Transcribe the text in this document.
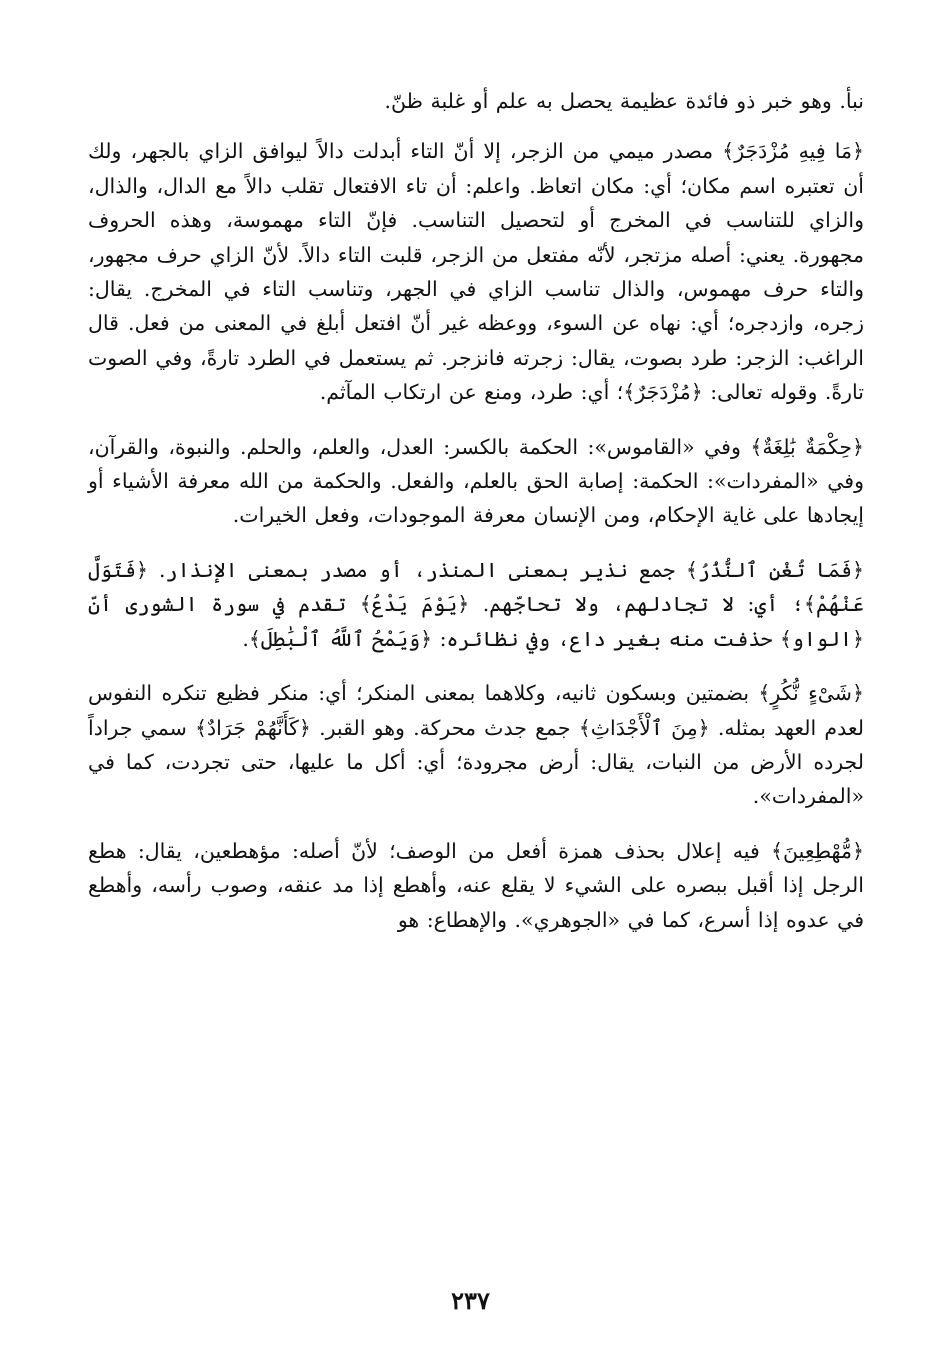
نبأ. وهو خبر ذو فائدة عظيمة يحصل به علم أو غلبة ظنّ.

﴿مَا فِيهِ مُزْدَجَرٌ﴾ مصدر ميمي من الزجر، إلا أنّ التاء أبدلت دالاً ليوافق الزاي بالجهر، ولك أن تعتبره اسم مكان؛ أي: مكان اتعاظ. واعلم: أن تاء الافتعال تقلب دالاً مع الدال، والذال، والزاي للتناسب في المخرج أو لتحصيل التناسب. فإنّ التاء مهموسة، وهذه الحروف مجهورة. يعني: أصله مزتجر، لأنّه مفتعل من الزجر، قلبت التاء دالاً. لأنّ الزاي حرف مجهور، والتاء حرف مهموس، والذال تناسب الزاي في الجهر، وتناسب التاء في المخرج. يقال: زجره، وازدجره؛ أي: نهاه عن السوء، ووعظه غير أنّ افتعل أبلغ في المعنى من فعل. قال الراغب: الزجر: طرد بصوت، يقال: زجرته فانزجر. ثم يستعمل في الطرد تارةً، وفي الصوت تارةً. وقوله تعالى: ﴿مُزْدَجَرٌ﴾؛ أي: طرد، ومنع عن ارتكاب المآثم.

﴿حِكْمَةٌ بَٰلِغَةٌ﴾ وفي «القاموس»: الحكمة بالكسر: العدل، والعلم، والحلم. والنبوة، والقرآن، وفي «المفردات»: الحكمة: إصابة الحق بالعلم، والفعل. والحكمة من الله معرفة الأشياء أو إيجادها على غاية الإحكام، ومن الإنسان معرفة الموجودات، وفعل الخيرات.

﴿فَمَا تُغْنِ ٱلنُّذُرُ﴾ جمع نذير بمعنى المنذر، أو مصدر بمعنى الإنذار. ﴿فَتَوَلَّ عَنْهُمْ﴾؛ أي: لا تجادلهم، ولا تحاجّهم. ﴿يَوْمَ يَدْعُ﴾ تقدم في سورة الشورى أنّ ﴿الواو﴾ حذفت منه بغير داع، وفي نظائره: ﴿وَيَمْحُ ٱللَّهُ ٱلْبَٰطِلَ﴾.

﴿شَىْءٍ نُّكُرٍ﴾ بضمتين وبسكون ثانيه، وكلاهما بمعنى المنكر؛ أي: منكر فظيع تنكره النفوس لعدم العهد بمثله. ﴿مِنَ ٱلْأَجْدَاثِ﴾ جمع جدث محركة. وهو القبر. ﴿كَأَنَّهُمْ جَرَادٌ﴾ سمي جراداً لجرده الأرض من النبات، يقال: أرض مجرودة؛ أي: أكل ما عليها، حتى تجردت، كما في «المفردات».

﴿مُّهْطِعِينَ﴾ فيه إعلال بحذف همزة أفعل من الوصف؛ لأنّ أصله: مؤهطعين، يقال: هطع الرجل إذا أقبل ببصره على الشيء لا يقلع عنه، وأهطع إذا مد عنقه، وصوب رأسه، وأهطع في عدوه إذا أسرع، كما في «الجوهري». والإهطاع: هو

٢٣٧
